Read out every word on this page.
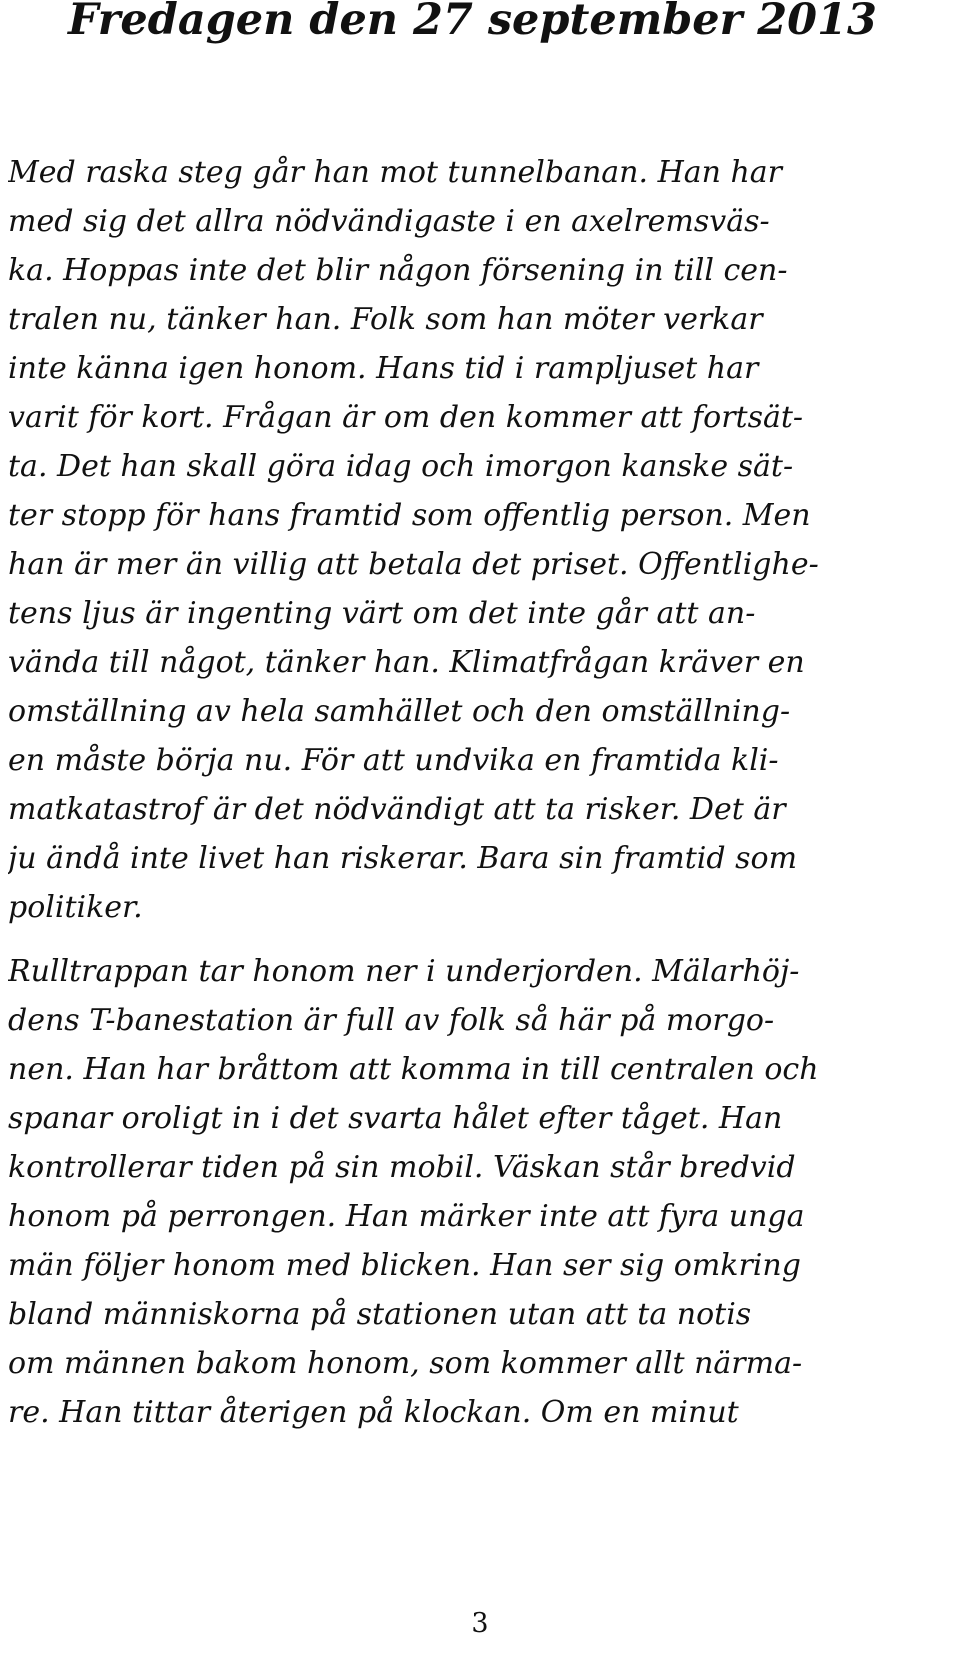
Fredagen den 27 september 2013
Med raska steg går han mot tunnelbanan. Han har
med sig det allra nödvändigaste i en axelremsväs-
ka. Hoppas inte det blir någon försening in till cen-
tralen nu, tänker han. Folk som han möter verkar
inte känna igen honom. Hans tid i rampljuset har
varit för kort. Frågan är om den kommer att fortsät-
ta. Det han skall göra idag och imorgon kanske sät-
ter stopp för hans framtid som offentlig person. Men
han är mer än villig att betala det priset. Offentlighe-
tens ljus är ingenting värt om det inte går att an-
vända till något, tänker han. Klimatfrågan kräver en
omställning av hela samhället och den omställning-
en måste börja nu. För att undvika en framtida kli-
matkatastrof är det nödvändigt att ta risker. Det är
ju ändå inte livet han riskerar. Bara sin framtid som
politiker.
Rulltrappan tar honom ner i underjorden. Mälarhöj-
dens T-banestation är full av folk så här på morgo-
nen. Han har bråttom att komma in till centralen och
spanar oroligt in i det svarta hålet efter tåget. Han
kontrollerar tiden på sin mobil. Väskan står bredvid
honom på perrongen. Han märker inte att fyra unga
män följer honom med blicken. Han ser sig omkring
bland människorna på stationen utan att ta notis
om männen bakom honom, som kommer allt närma-
re. Han tittar återigen på klockan. Om en minut
3
